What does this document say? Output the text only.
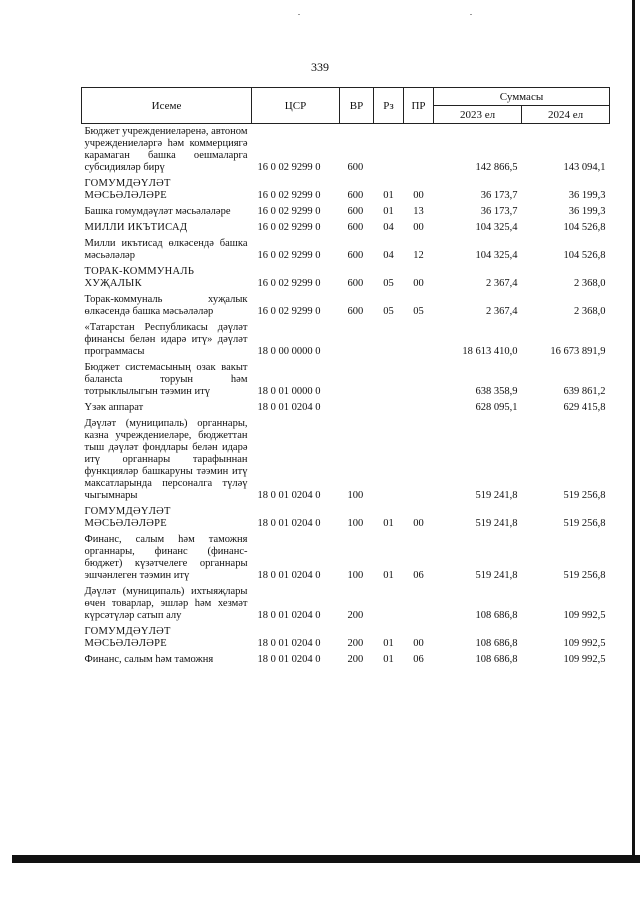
339
Исеме	ЦСР	ВР	Рз	ПР	Суммасы	
					2023 ел	2024 ел
Бюджет учреждениеләренә, автоном учреждениеләргә һәм коммерциягә карамаган башка оешмаларга субсидияләр бирү	16 0 02 9299 0	600			142 866,5	143 094,1
ГОМУМДӘҮЛӘТ МӘСЬӘЛӘЛӘРЕ	16 0 02 9299 0	600	01	00	36 173,7	36 199,3
Башка гомумдәүләт мәсьәләләре	16 0 02 9299 0	600	01	13	36 173,7	36 199,3
МИЛЛИ ИКЪТИСАД	16 0 02 9299 0	600	04	00	104 325,4	104 526,8
Милли икътисад өлкәсендә башка мәсьәләләр	16 0 02 9299 0	600	04	12	104 325,4	104 526,8
ТОРАК-КОММУНАЛЬ ХУҖАЛЫК	16 0 02 9299 0	600	05	00	2 367,4	2 368,0
Торак-коммуналь хуҗалык өлкәсендә башка мәсьәләләр	16 0 02 9299 0	600	05	05	2 367,4	2 368,0
«Татарстан Республикасы дәүләт финансы белән идарә итү» дәүләт программасы	18 0 00 0000 0				18 613 410,0	16 673 891,9
Бюджет системасының озак вакыт балансta торуын һәм тотрыклылыгын тәэмин итү	18 0 01 0000 0				638 358,9	639 861,2
Үзәк аппарат	18 0 01 0204 0				628 095,1	629 415,8
Дәүләт (муниципаль) органнары, казна учреждениеләре, бюджеттан тыш дәүләт фондлары белән идарә итү органнары тарафыннан функцияләр башкаруны тәэмин итү максатларында персоналга түләү чыгымнары	18 0 01 0204 0	100			519 241,8	519 256,8
ГОМУМДӘҮЛӘТ МӘСЬӘЛӘЛӘРЕ	18 0 01 0204 0	100	01	00	519 241,8	519 256,8
Финанс, салым һәм таможня органнары, финанс (финанс-бюджет) күзәтчелеге органнары эшчәнлеген тәэмин итү	18 0 01 0204 0	100	01	06	519 241,8	519 256,8
Дәүләт (муниципаль) ихтыяҗлары өчен товарлар, эшләр һәм хезмәт күрсәтүләр сатып алу	18 0 01 0204 0	200			108 686,8	109 992,5
ГОМУМДӘҮЛӘТ МӘСЬӘЛӘЛӘРЕ	18 0 01 0204 0	200	01	00	108 686,8	109 992,5
Финанс, салым һәм таможня	18 0 01 0204 0	200	01	06	108 686,8	109 992,5
